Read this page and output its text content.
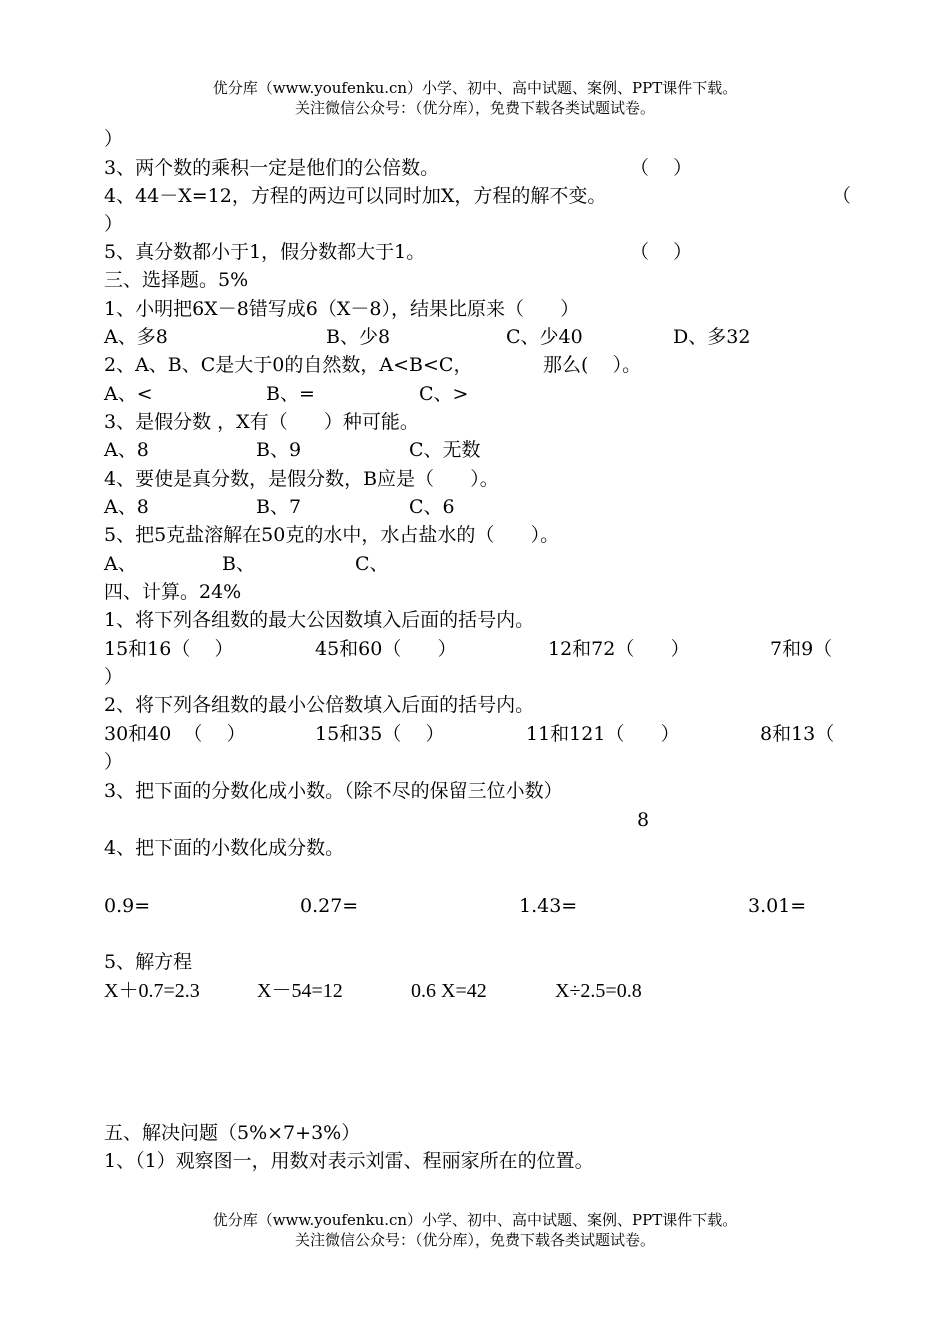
优分库（www.youfenku.cn）小学、初中、高中试题、案例、PPT课件下载。
关注微信公众号：（优分库），免费下载各类试题试卷。
）
3、两个数的乘积一定是他们的公倍数。	（    ）
4、44－X=12，方程的两边可以同时加X，方程的解不变。	（
）
5、真分数都小于1，假分数都大于1。	（    ）
三、选择题。5%
1、小明把6X－8错写成6（X－8），结果比原来（      ）
A、多8	B、少8	C、少40	D、多32
2、A、B、C是大于0的自然数，A<B<C，	那么(    ）。
A、<	B、=	C、>
3、是假分数 ，X有（      ）种可能。
A、8	B、9	C、无数
4、要使是真分数，是假分数，B应是（      ）。
A、8	B、7	C、6
5、把5克盐溶解在50克的水中，水占盐水的（      ）。
A、	B、	C、
四、计算。24%
1、将下列各组数的最大公因数填入后面的括号内。
15和16（    ）	45和60（      ）	12和72（      ）	7和9（
）
2、将下列各组数的最小公倍数填入后面的括号内。
30和40  （    ）	15和35（    ）	11和121（      ）	8和13（
）
3、把下面的分数化成小数。（除不尽的保留三位小数）
8
4、把下面的小数化成分数。
0.9=	0.27=	1.43=	3.01=
5、解方程
X＋0.7=2.3	X－54=12	0.6 X=42	X÷2.5=0.8
五、解决问题（5%×7+3%）
1、（1）观察图一，用数对表示刘雷、程丽家所在的位置。
优分库（www.youfenku.cn）小学、初中、高中试题、案例、PPT课件下载。
关注微信公众号：（优分库），免费下载各类试题试卷。
